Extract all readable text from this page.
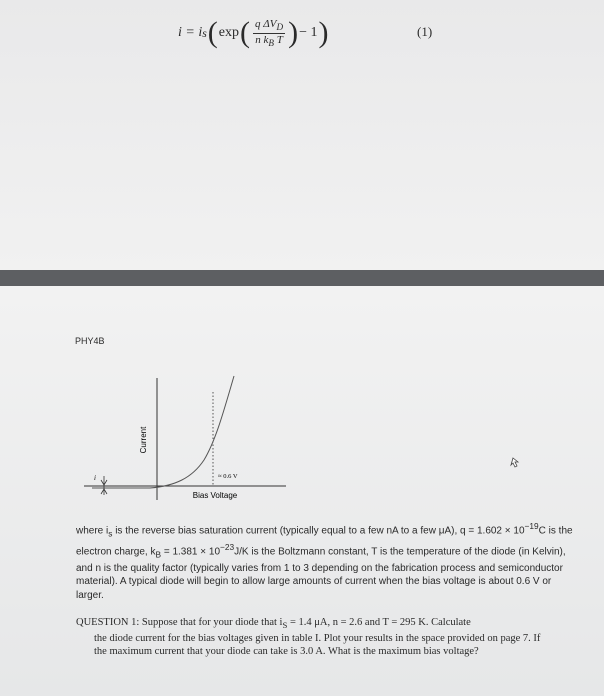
i = i s ( exp ( $\frac{q \Delta V_D}{n k_B T}$ ) − 1 )	(1)
PHY4B
i
Current
Bias Voltage
≈ 0.6 V
where $i_s$ is the reverse bias saturation current (typically equal to a few nA to a few μA), $q = 1.602 \times 10^{-19}C$ is the electron charge, $k_B = 1.381 \times 10^{-23}J/K$ is the Boltzmann constant, T is the temperature of the diode (in Kelvin), and n is the quality factor (typically varies from 1 to 3 depending on the fabrication process and semiconductor material). A typical diode will begin to allow large amounts of current when the bias voltage is about 0.6 V or larger.
QUESTION 1: Suppose that for your diode that $i_S = 1.4$ μA, n = 2.6 and T = 295 K. Calculate
the diode current for the bias voltages given in table I. Plot your results in the space provided on page 7. If the maximum current that your diode can take is 3.0 A. What is the maximum bias voltage?
